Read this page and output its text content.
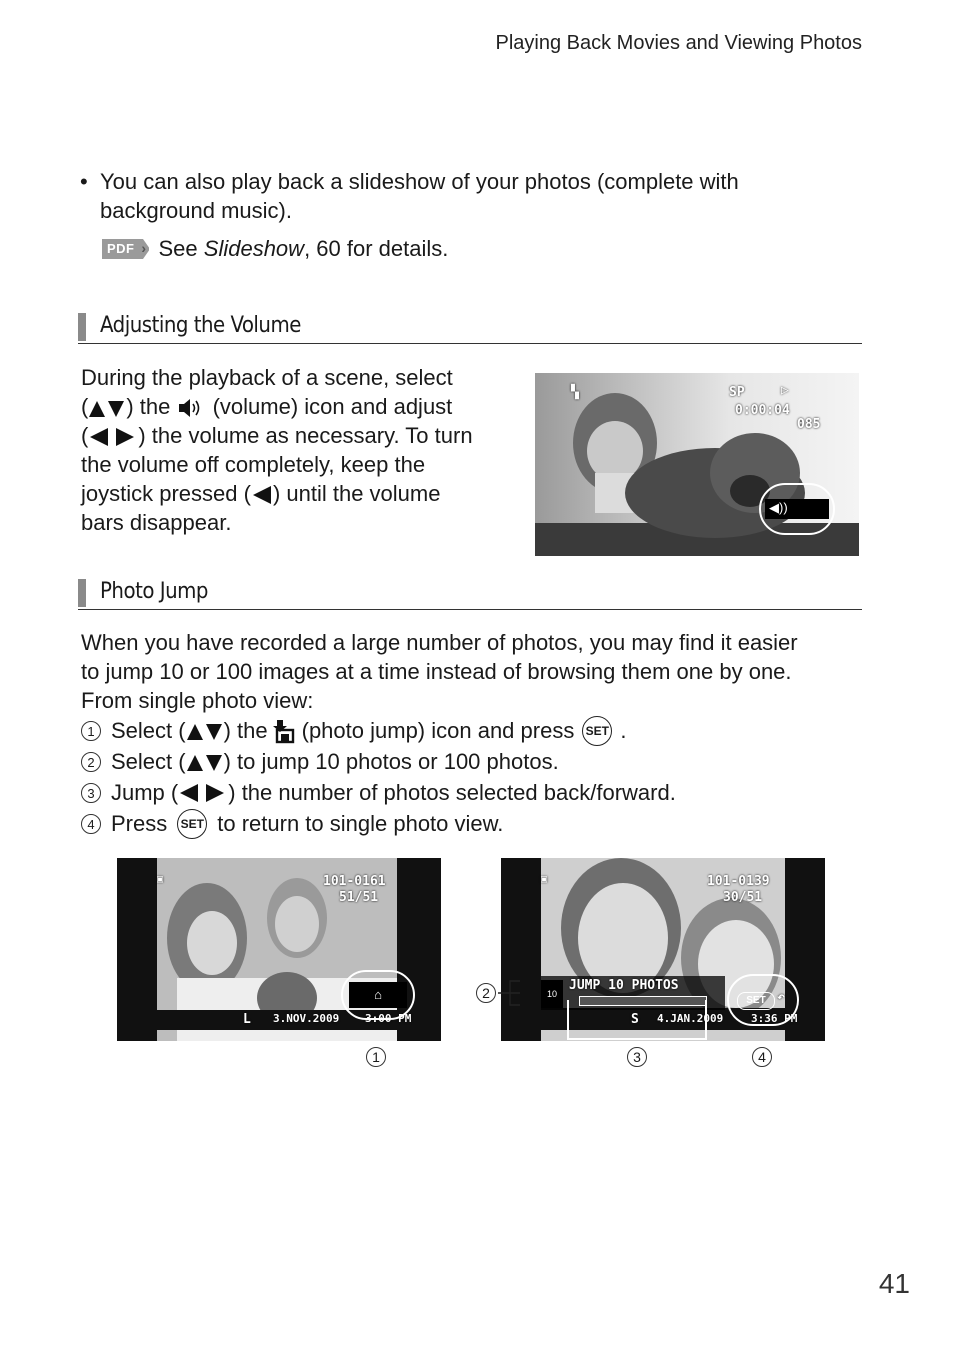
Playing Back Movies and Viewing Photos
• You can also play back a slideshow of your photos (complete with background music).
PDF › See
Slideshow , 60 for details.
Adjusting the Volume
During the playback of a scene, select
( ) the (volume) icon and adjust
( ) the volume as necessary. To turn
the volume off completely, keep the
joystick pressed ( ) until the volume
bars disappear.
▚	SP	▷
0:00:04
085
◀))
Photo Jump
When you have recorded a large number of photos, you may find it easier
to jump 10 or 100 images at a time instead of browsing them one by one.
From single photo view:
1 Select ( ) the (photo jump) icon and press SET .
2 Select ( ) to jump 10 photos or 100 photos.
3 Jump ( ) the number of photos selected back/forward.
4 Press SET to return to single photo view.
▣	101-0161
51/51
L 3.NOV.2009 3:00 PM
⌂
▣	101-0139
30/51
JUMP 10 PHOTOS
10
S 4.JAN.2009	3:36 PM
SET ↶
1
2
3	4
41
